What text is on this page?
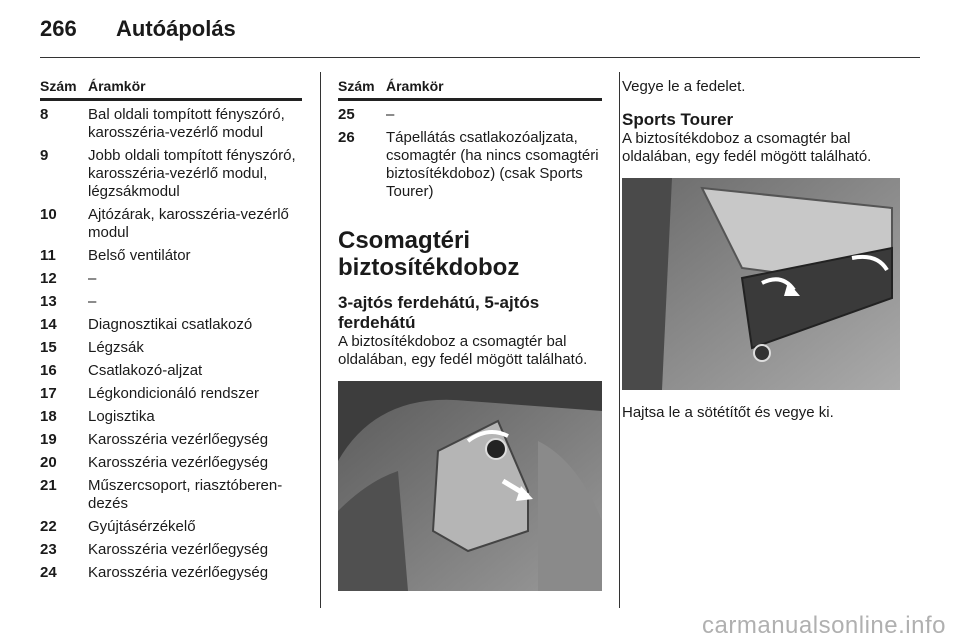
266 Autóápolás
Szám Áramkör
8	Bal oldali tompított fényszóró, karosszéria-vezérlő modul
9	Jobb oldali tompított fényszóró, karosszéria-vezérlő modul, légzsákmodul
10	Ajtózárak, karosszéria-vezérlő modul
11	Belső ventilátor
12	–
13	–
14	Diagnosztikai csatlakozó
15	Légzsák
16	Csatlakozó-aljzat
17	Légkondicionáló rendszer
18	Logisztika
19	Karosszéria vezérlőegység
20	Karosszéria vezérlőegység
21	Műszercsoport, riasztóberendezés
22	Gyújtásérzékelő
23	Karosszéria vezérlőegység
24	Karosszéria vezérlőegység
Szám Áramkör
25	–
26	Tápellátás csatlakozóaljzata, csomagtér (ha nincs csomagtéri biztosítékdoboz) (csak Sports Tourer)
Csomagtéri biztosítékdoboz
3-ajtós ferdehátú, 5-ajtós ferdehátú

A biztosítékdoboz a csomagtér bal oldalában, egy fedél mögött található.

Vegye le a fedelet.

Sports Tourer

A biztosítékdoboz a csomagtér bal oldalában, egy fedél mögött található.

Hajtsa le a sötétítőt és vegye ki.

carmanualsonline.info
